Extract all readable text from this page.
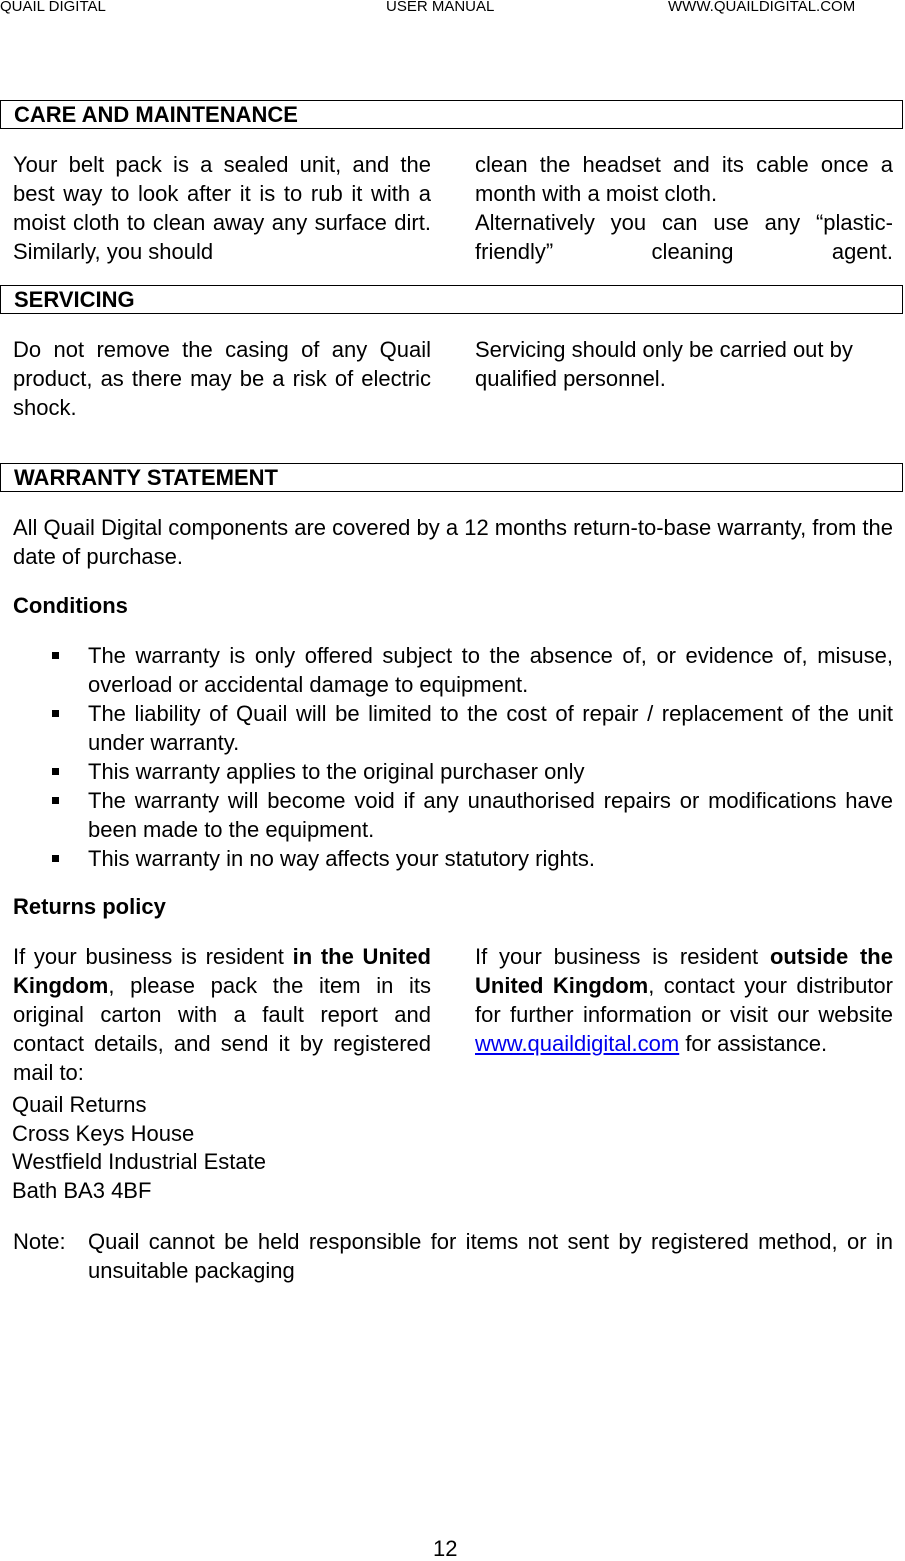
QUAIL DIGITAL	USER MANUAL	WWW.QUAILDIGITAL.COM
CARE AND MAINTENANCE
Your belt pack is a sealed unit, and the best way to look after it is to rub it with a moist cloth to clean away any surface dirt. Similarly, you should
clean the headset and its cable once a month with a moist cloth.
Alternatively you can use any “plastic-friendly” cleaning agent.
SERVICING
Do not remove the casing of any Quail product, as there may be a risk of electric shock.
Servicing should only be carried out by qualified personnel.
WARRANTY STATEMENT
All Quail Digital components are covered by a 12 months return-to-base warranty, from the date of purchase.
Conditions
The warranty is only offered subject to the absence of, or evidence of, misuse, overload or accidental damage to equipment.
The liability of Quail will be limited to the cost of repair / replacement of the unit under warranty.
This warranty applies to the original purchaser only
The warranty will become void if any unauthorised repairs or modifications have been made to the equipment.
This warranty in no way affects your statutory rights.
Returns policy
If your business is resident in the United Kingdom, please pack the item in its original carton with a fault report and contact details, and send it by registered mail to:
If your business is resident outside the United Kingdom, contact your distributor for further information or visit our website www.quaildigital.com for assistance.
Quail Returns
Cross Keys House
Westfield Industrial Estate
Bath BA3 4BF
Note: Quail cannot be held responsible for items not sent by registered method, or in unsuitable packaging
12
